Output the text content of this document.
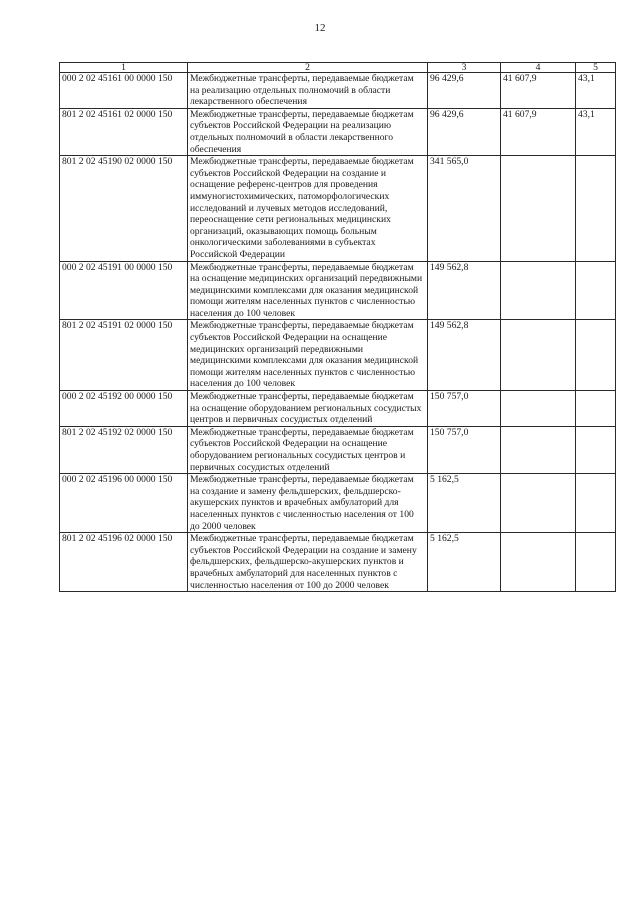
12
1	2	3	4	5
000 2 02 45161 00 0000 150	Межбюджетные трансферты, передаваемые бюджетам на реализацию отдельных полномочий в области лекарственного обеспечения	96 429,6	41 607,9	43,1
801 2 02 45161 02 0000 150	Межбюджетные трансферты, передаваемые бюджетам субъектов Российской Федерации на реализацию отдельных полномочий в области лекарственного обеспечения	96 429,6	41 607,9	43,1
801 2 02 45190 02 0000 150	Межбюджетные трансферты, передаваемые бюджетам субъектов Российской Федерации на создание и оснащение референс-центров для проведения иммуногистохимических, патоморфологических исследований и лучевых методов исследований, переоснащение сети региональных медицинских организаций, оказывающих помощь больным онкологическими заболеваниями в субъектах Российской Федерации	341 565,0		
000 2 02 45191 00 0000 150	Межбюджетные трансферты, передаваемые бюджетам на оснащение медицинских организаций передвижными медицинскими комплексами для оказания медицинской помощи жителям населенных пунктов с численностью населения до 100 человек	149 562,8		
801 2 02 45191 02 0000 150	Межбюджетные трансферты, передаваемые бюджетам субъектов Российской Федерации на оснащение медицинских организаций передвижными медицинскими комплексами для оказания медицинской помощи жителям населенных пунктов с численностью населения до 100 человек	149 562,8		
000 2 02 45192 00 0000 150	Межбюджетные трансферты, передаваемые бюджетам на оснащение оборудованием региональных сосудистых центров и первичных сосудистых отделений	150 757,0		
801 2 02 45192 02 0000 150	Межбюджетные трансферты, передаваемые бюджетам субъектов Российской Федерации на оснащение оборудованием региональных сосудистых центров и первичных сосудистых отделений	150 757,0		
000 2 02 45196 00 0000 150	Межбюджетные трансферты, передаваемые бюджетам на создание и замену фельдшерских, фельдшерско-акушерских пунктов и врачебных амбулаторий для населенных пунктов с численностью населения от 100 до 2000 человек	5 162,5		
801 2 02 45196 02 0000 150	Межбюджетные трансферты, передаваемые бюджетам субъектов Российской Федерации на создание и замену фельдшерских, фельдшерско-акушерских пунктов и врачебных амбулаторий для населенных пунктов с численностью населения от 100 до 2000 человек	5 162,5		
